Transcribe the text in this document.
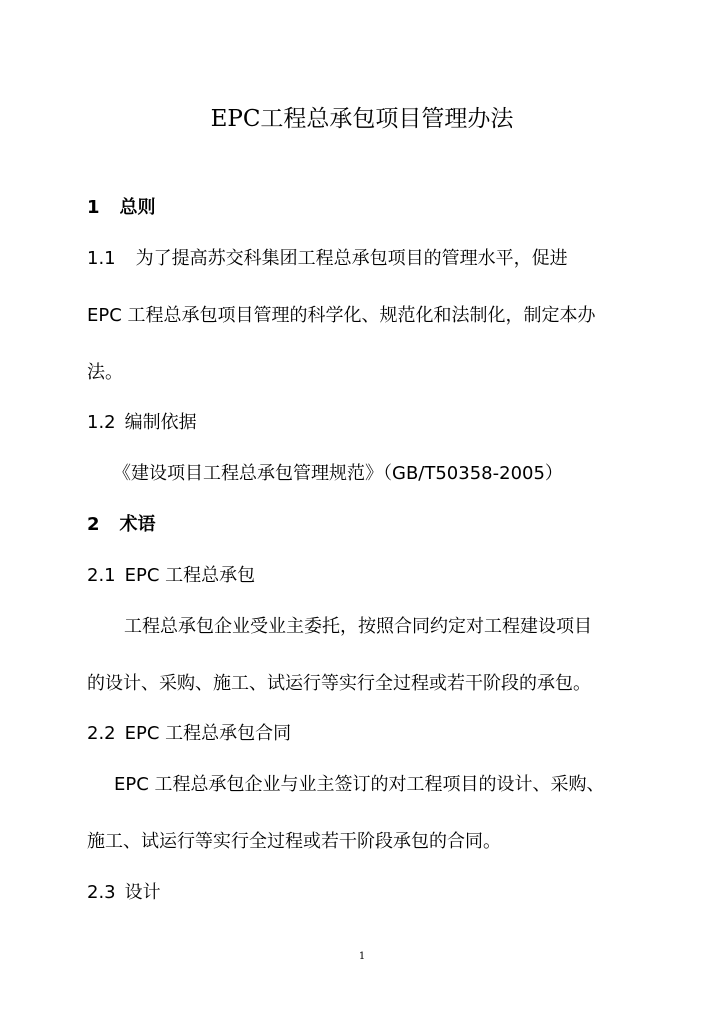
EPC工程总承包项目管理办法
1 总则
1.1 为了提高苏交科集团工程总承包项目的管理水平，促进
EPC 工程总承包项目管理的科学化、规范化和法制化，制定本办
法。
1.2 编制依据
《建设项目工程总承包管理规范》（GB/T50358-2005）
2 术语
2.1 EPC 工程总承包
工程总承包企业受业主委托，按照合同约定对工程建设项目
的设计、采购、施工、试运行等实行全过程或若干阶段的承包。
2.2 EPC 工程总承包合同
EPC 工程总承包企业与业主签订的对工程项目的设计、采购、
施工、试运行等实行全过程或若干阶段承包的合同。
2.3 设计
1
